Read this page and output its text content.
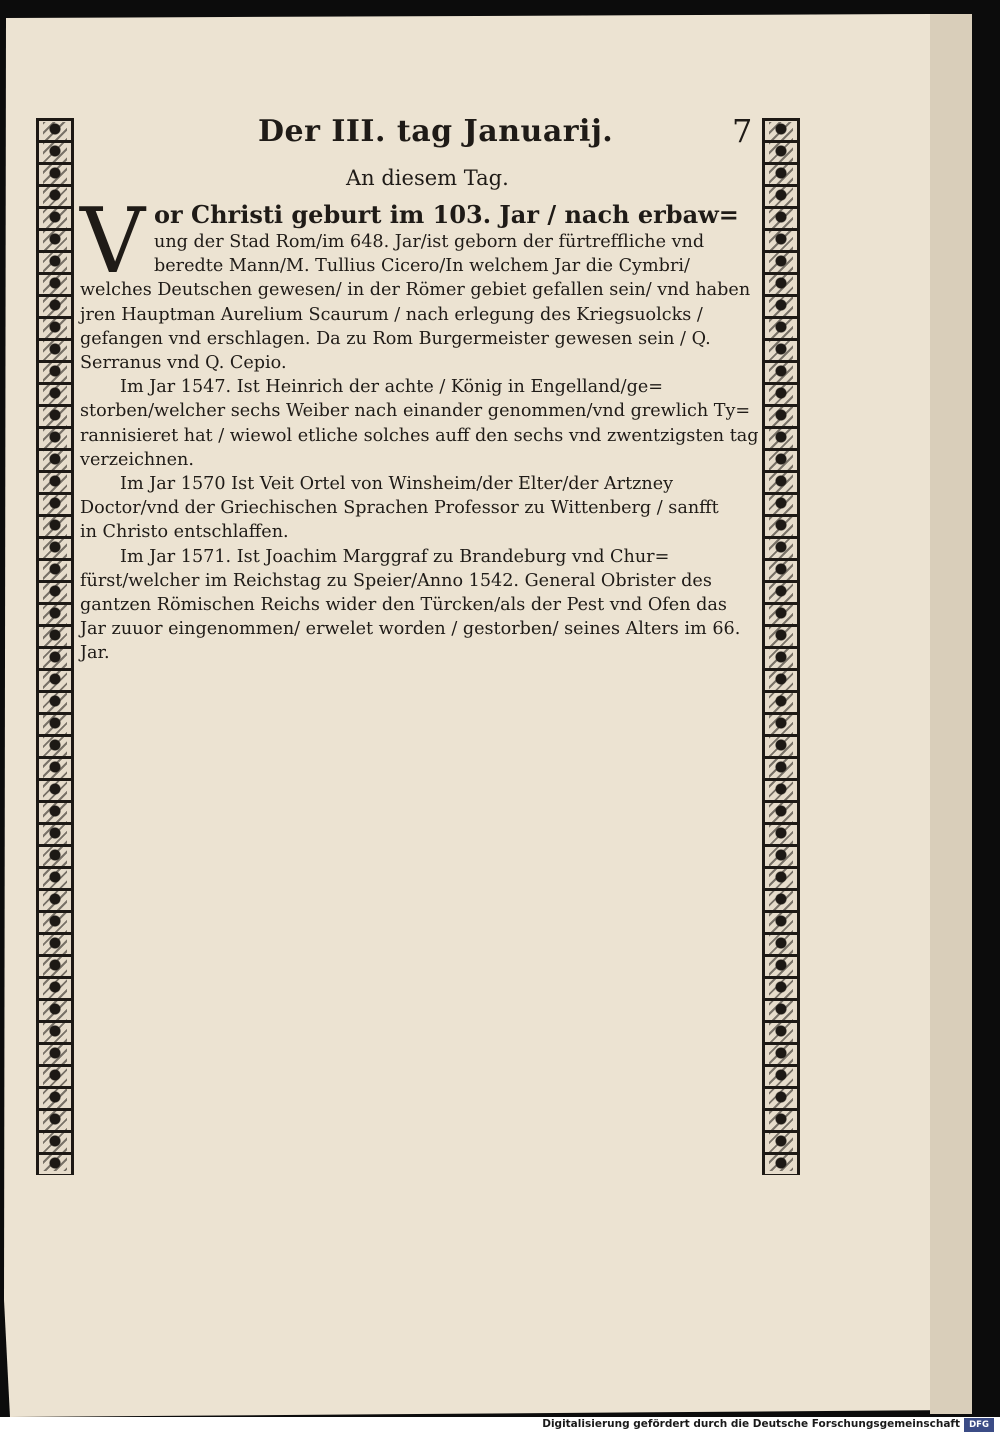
Der III. tag Januarij.	7
An diesem Tag.
V or Christi geburt im 103. Jar / nach erbaw=
ung der Stad Rom/im 648. Jar/ist geborn der fürtreffliche vnd
beredte Mann/M. Tullius Cicero/In welchem Jar die Cymbri/
welches Deutschen gewesen/ in der Römer gebiet gefallen sein/ vnd haben
jren Hauptman Aurelium Scaurum / nach erlegung des Kriegsuolcks /
gefangen vnd erschlagen. Da zu Rom Burgermeister gewesen sein / Q.
Serranus vnd Q. Cepio.
Im Jar 1547. Ist Heinrich der achte / König in Engelland/ge=
storben/welcher sechs Weiber nach einander genommen/vnd grewlich Ty=
rannisieret hat / wiewol etliche solches auff den sechs vnd zwentzigsten tag
verzeichnen.
Im Jar 1570 Ist Veit Ortel von Winsheim/der Elter/der Artzney
Doctor/vnd der Griechischen Sprachen Professor zu Wittenberg / sanfft
in Christo entschlaffen.
Im Jar 1571. Ist Joachim Marggraf zu Brandeburg vnd Chur=
fürst/welcher im Reichstag zu Speier/Anno 1542. General Obrister des
gantzen Römischen Reichs wider den Türcken/als der Pest vnd Ofen das
Jar zuuor eingenommen/ erwelet worden / gestorben/ seines Alters im 66.
Jar.
Digitalisierung gefördert durch die Deutsche Forschungsgemeinschaft	DFG
